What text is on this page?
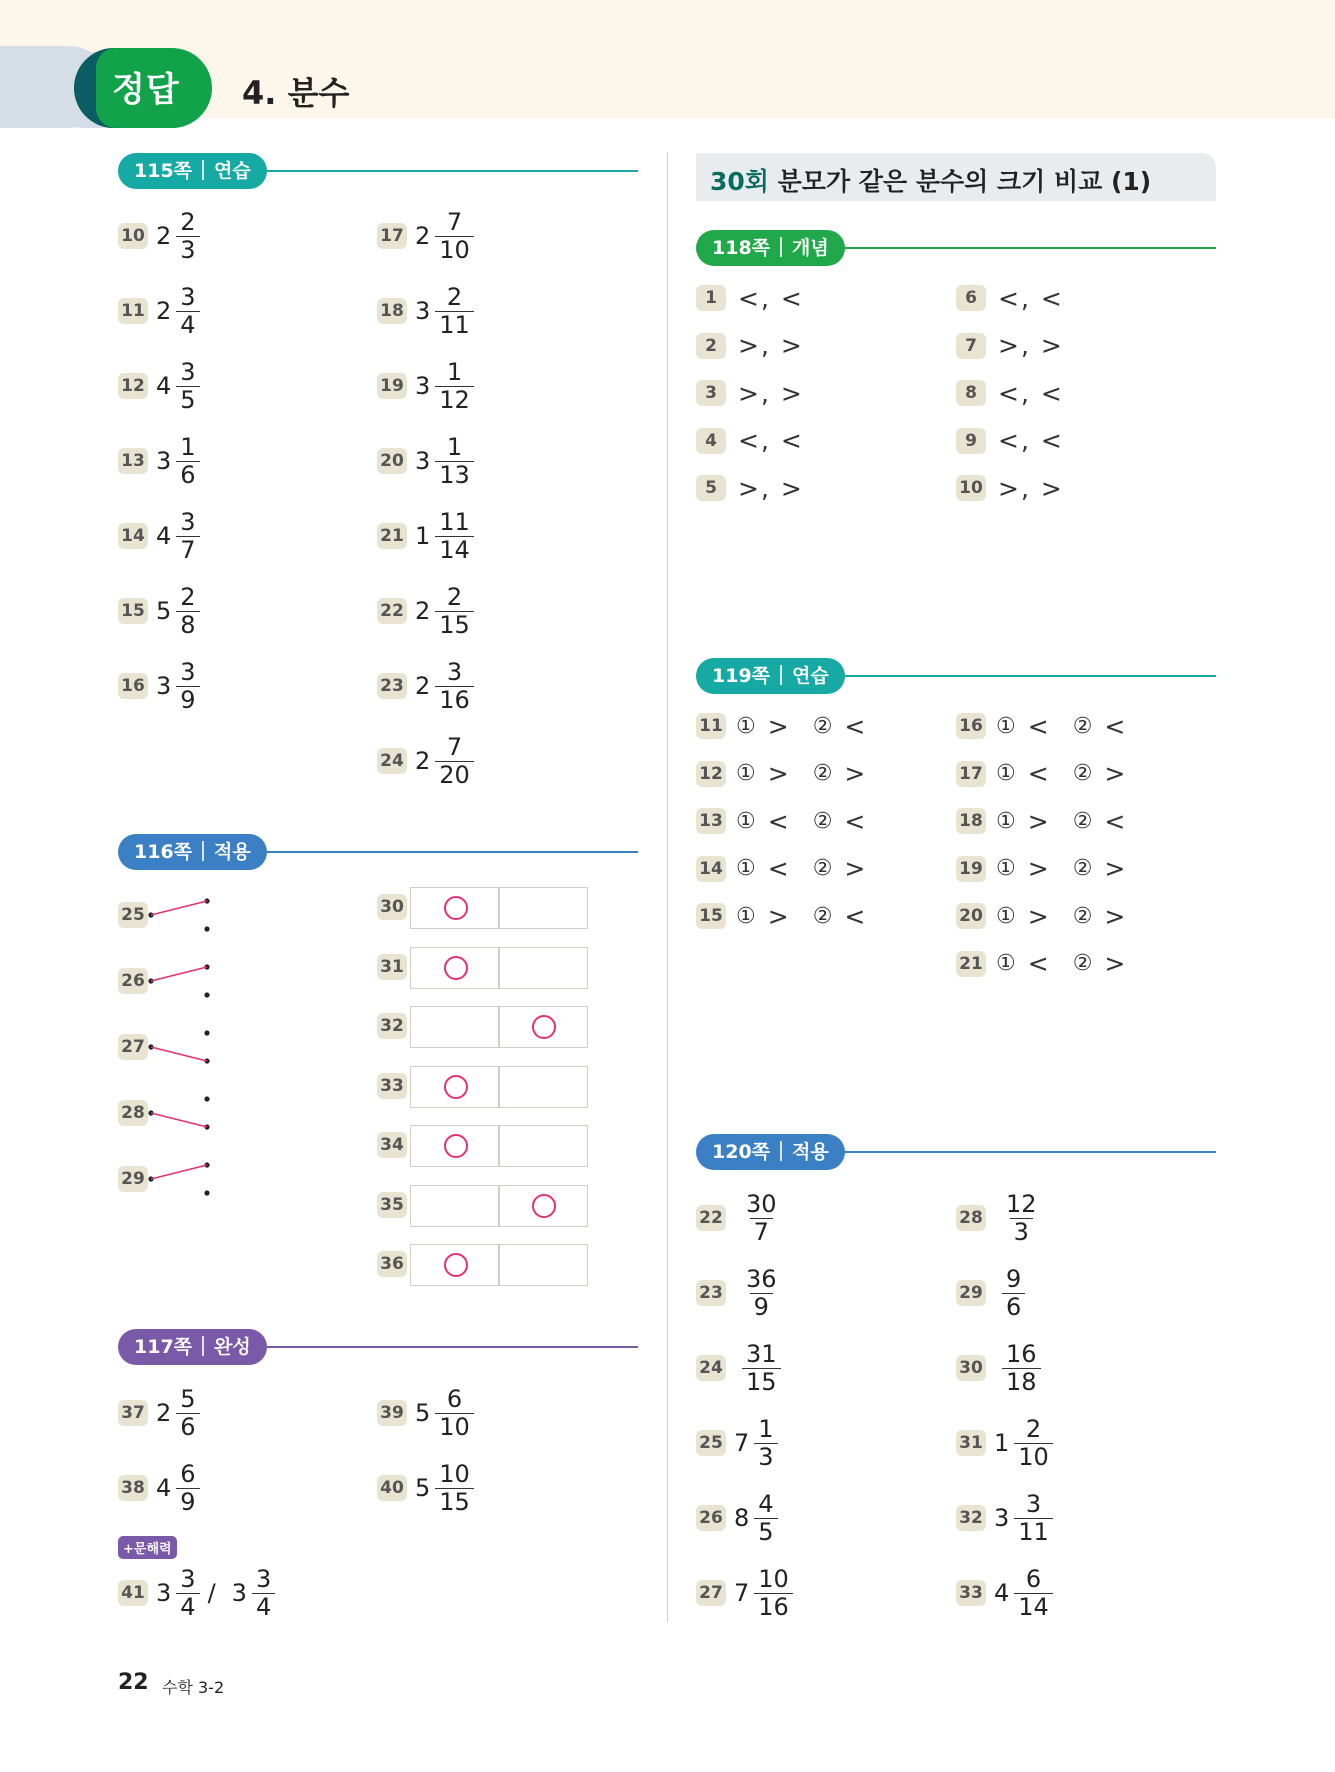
정답	4. 분수
115쪽 연습
116쪽 적용
117쪽 완성
30회 분모가 같은 분수의 크기 비교 (1)
118쪽 개념
119쪽 연습
120쪽 적용
10 $2 \frac{2}{3}$
11 $2 \frac{3}{4}$
12 $4 \frac{3}{5}$
13 $3 \frac{1}{6}$
14 $4 \frac{3}{7}$
15 $5 \frac{2}{8}$
16 $3 \frac{3}{9}$
17 $2 \frac{7}{10}$
18 $3 \frac{2}{11}$
19 $3 \frac{1}{12}$
20 $3 \frac{1}{13}$
21 $1 \frac{11}{14}$
22 $2 \frac{2}{15}$
23 $2 \frac{3}{16}$
24 $2 \frac{7}{20}$
25
26
27
28
29
30
31
32
33
34
35
36
37 $2 \frac{5}{6}$
38 $4 \frac{6}{9}$
39 $5 \frac{6}{10}$
40 $5 \frac{10}{15}$
41 $3 \frac{3}{4} / 3 \frac{3}{4}$
1 <, <
2 >, >
3 >, >
4 <, <
5 >, >
6 <, <
7 >, >
8 <, <
9 <, <
10 >, >
11 ① > ② <
12 ① > ② >
13 ① < ② <
14 ① < ② >
15 ① > ② <
16 ① < ② <
17 ① < ② >
18 ① > ② <
19 ① > ② >
20 ① > ② >
21 ① < ② >
$22 \frac{30}{7}$
$23 \frac{36}{9}$
$24 \frac{31}{15}$
25 $7 \frac{1}{3}$
26 $8 \frac{4}{5}$
27 $7 \frac{10}{16}$
$28 \frac{12}{3}$
$29 \frac{9}{6}$
$30 \frac{16}{18}$
31 $1 \frac{2}{10}$
32 $3 \frac{3}{11}$
33 $4 \frac{6}{14}$
+문해력
22 수학 3-2
